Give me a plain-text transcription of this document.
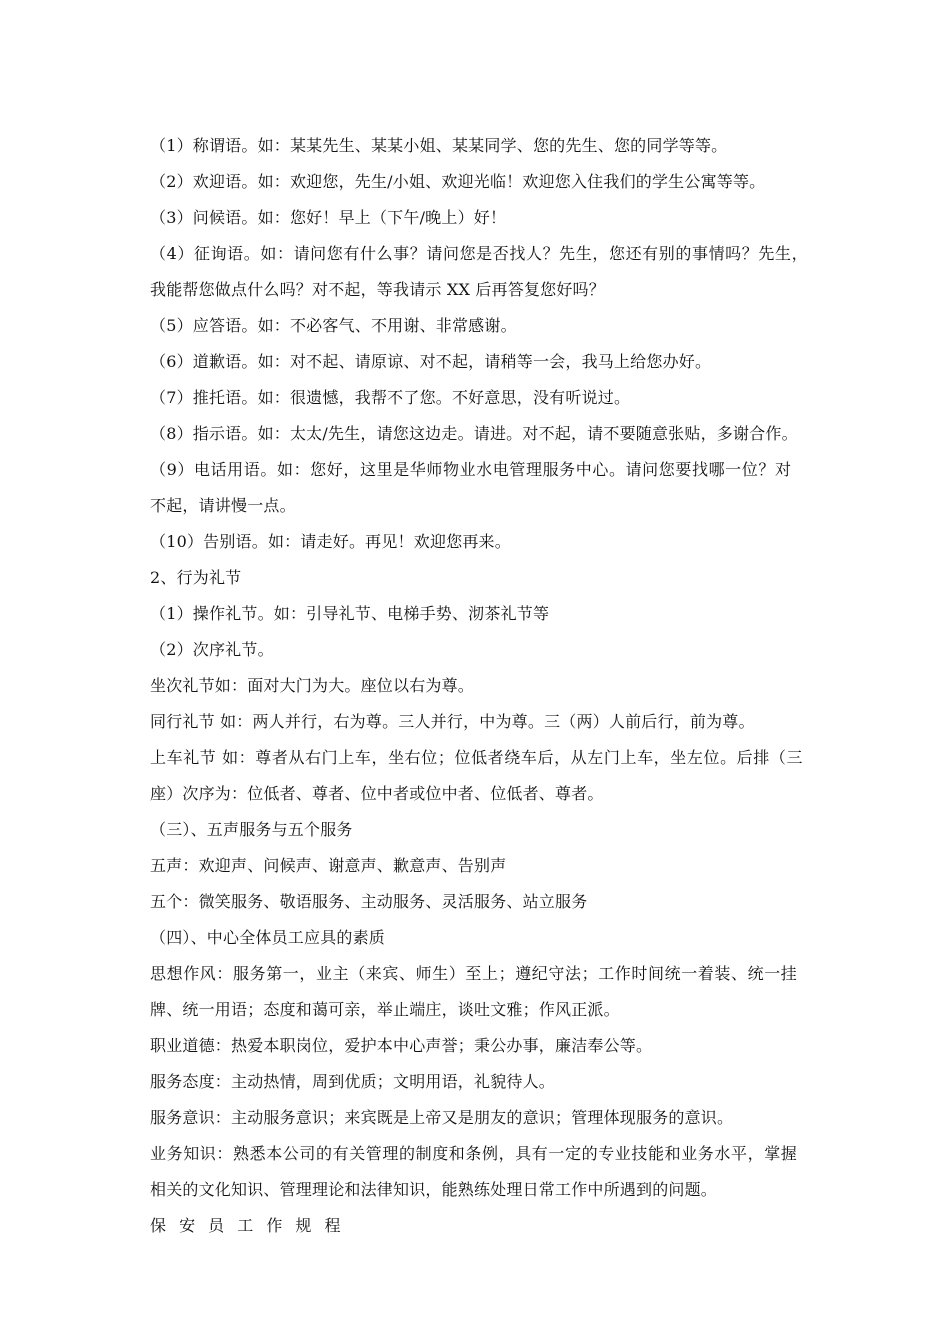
（1）称谓语。如：某某先生、某某小姐、某某同学、您的先生、您的同学等等。
（2）欢迎语。如：欢迎您，先生/小姐、欢迎光临！欢迎您入住我们的学生公寓等等。
（3）问候语。如：您好！早上（下午/晚上）好！
（4）征询语。如：请问您有什么事？请问您是否找人？先生，您还有别的事情吗？先生，
我能帮您做点什么吗？对不起，等我请示 XX 后再答复您好吗？
（5）应答语。如：不必客气、不用谢、非常感谢。
（6）道歉语。如：对不起、请原谅、对不起，请稍等一会，我马上给您办好。
（7）推托语。如：很遗憾，我帮不了您。不好意思，没有听说过。
（8）指示语。如：太太/先生，请您这边走。请进。对不起，请不要随意张贴，多谢合作。
（9）电话用语。如：您好，这里是华师物业水电管理服务中心。请问您要找哪一位？对
不起，请讲慢一点。
（10）告别语。如：请走好。再见！欢迎您再来。
2、行为礼节
（1）操作礼节。如：引导礼节、电梯手势、沏茶礼节等
（2）次序礼节。
坐次礼节如：面对大门为大。座位以右为尊。
同行礼节 如：两人并行，右为尊。三人并行，中为尊。三（两）人前后行，前为尊。
上车礼节 如：尊者从右门上车，坐右位；位低者绕车后，从左门上车，坐左位。后排（三
座）次序为：位低者、尊者、位中者或位中者、位低者、尊者。
（三）、五声服务与五个服务
五声：欢迎声、问候声、谢意声、歉意声、告别声
五个：微笑服务、敬语服务、主动服务、灵活服务、站立服务
（四）、中心全体员工应具的素质
思想作风：服务第一，业主（来宾、师生）至上；遵纪守法；工作时间统一着装、统一挂
牌、统一用语；态度和蔼可亲，举止端庄，谈吐文雅；作风正派。
职业道德：热爱本职岗位，爱护本中心声誉；秉公办事，廉洁奉公等。
服务态度：主动热情，周到优质；文明用语，礼貌待人。
服务意识：主动服务意识；来宾既是上帝又是朋友的意识；管理体现服务的意识。
业务知识：熟悉本公司的有关管理的制度和条例，具有一定的专业技能和业务水平，掌握
相关的文化知识、管理理论和法律知识，能熟练处理日常工作中所遇到的问题。
保 安 员 工 作 规 程
